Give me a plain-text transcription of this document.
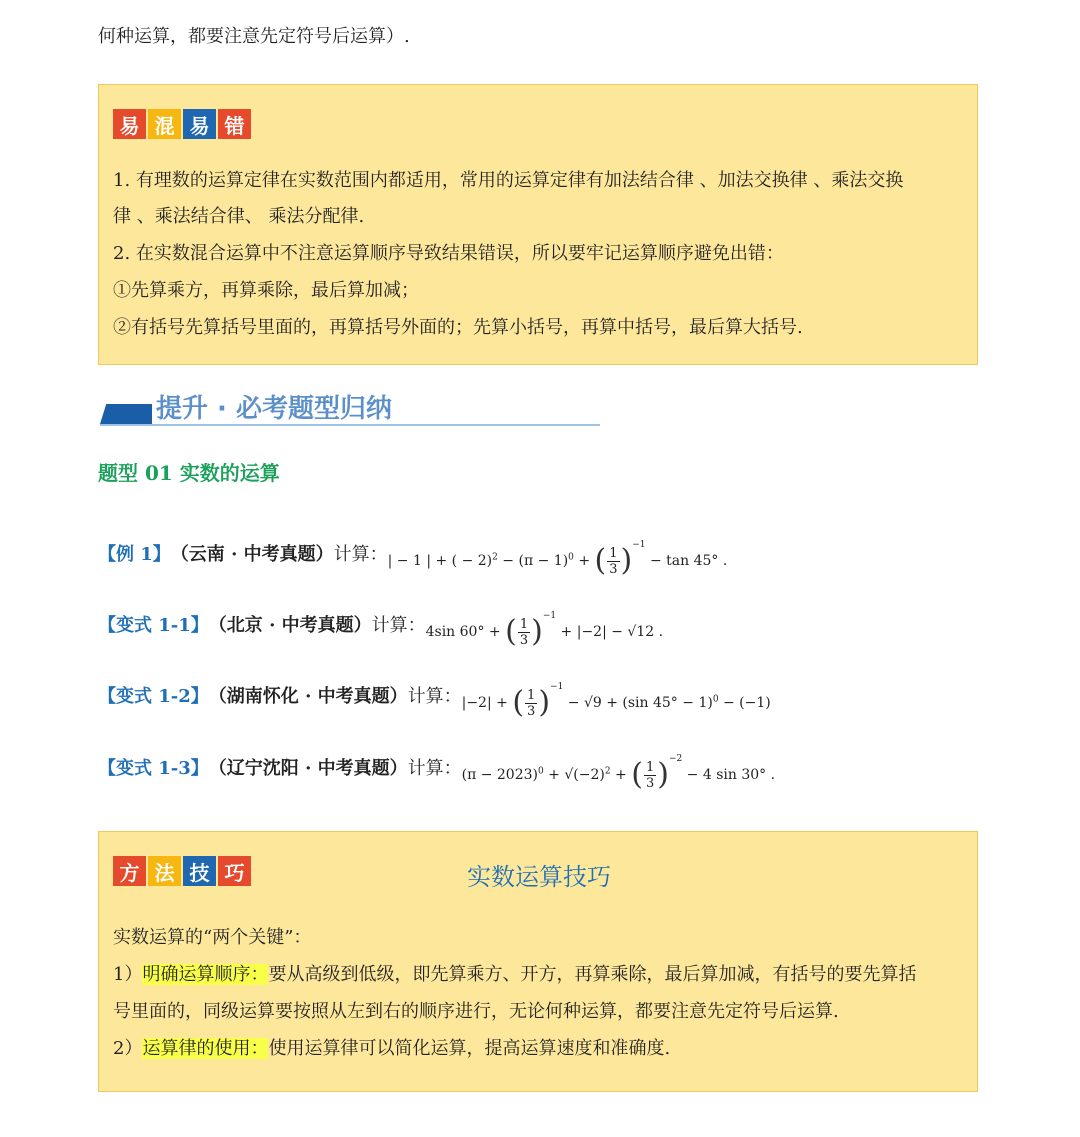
何种运算，都要注意先定符号后运算）.
易 混 易 错
1. 有理数的运算定律在实数范围内都适用，常用的运算定律有加法结合律 、加法交换律 、乘法交换
律 、乘法结合律、 乘法分配律.
2. 在实数混合运算中不注意运算顺序导致结果错误，所以要牢记运算顺序避免出错：
①先算乘方，再算乘除，最后算加减；
②有括号先算括号里面的，再算括号外面的；先算小括号，再算中括号，最后算大括号.
提升 · 必考题型归纳
题型 01 实数的运算
【例 1】 （云南 · 中考真题） 计算： | − 1 | + ( − $2)^2 - (\pi - 1)^0$ + ( $\frac{1}{3} )^{-1} - \tan 45^\circ$ .
【变式 1-1】 （北京 · 中考真题） 计算： 4sin 60° + ( $\frac{1}{3} )^{-1} + |-2| - √12$ .
【变式 1-2】 （湖南怀化 · 中考真题） 计算： |−2| + ( $\frac{1}{3} )^{-1} - √9 + (\sin$ 45° − 1)$^0$ − (−1)
【变式 1-3】 （辽宁沈阳 · 中考真题） 计算： $(\pi - 2023)^0 + √(-2)^2$ + ( $\frac{1}{3} )^{-2} - 4$ sin 30° .
方 法 技 巧	实数运算技巧
实数运算的“两个关键”：
1）明确运算顺序：要从高级到低级，即先算乘方、开方，再算乘除，最后算加减，有括号的要先算括
号里面的，同级运算要按照从左到右的顺序进行，无论何种运算，都要注意先定符号后运算.
2）运算律的使用：使用运算律可以简化运算，提高运算速度和准确度.
